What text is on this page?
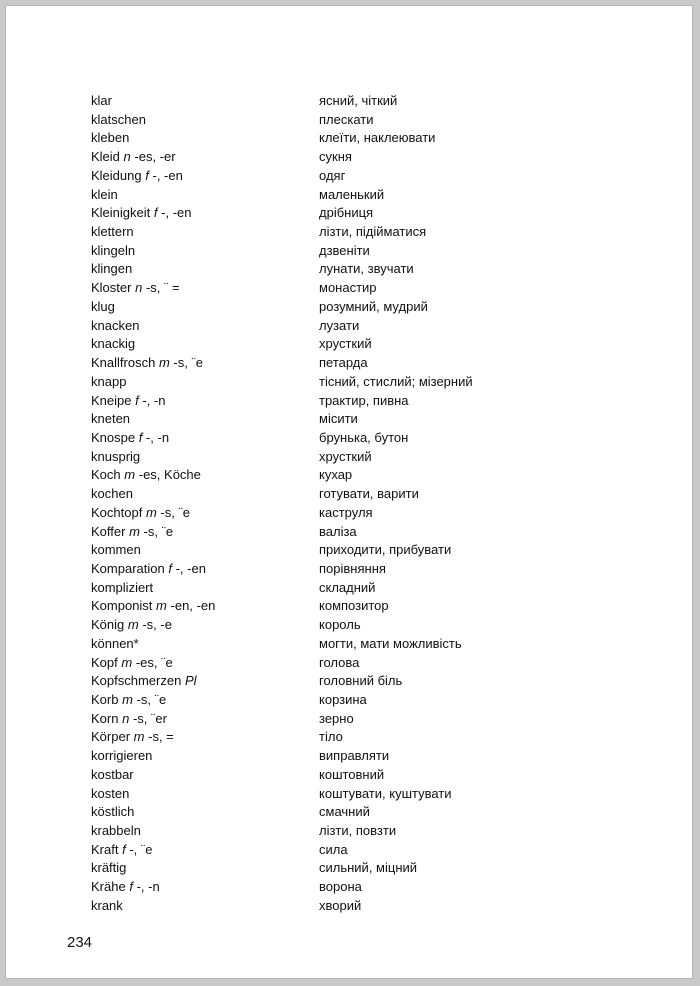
klar	ясний, чіткий
klatschen	плескати
kleben	клеїти, наклеювати
Kleid n -es, -er	сукня
Kleidung f -, -en	одяг
klein	маленький
Kleinigkeit f -, -en	дрібниця
klettern	лізти, підійматися
klingeln	дзвеніти
klingen	лунати, звучати
Kloster n -s, ¨ =	монастир
klug	розумний, мудрий
knacken	лузати
knackig	хрусткий
Knallfrosch m -s, ¨e	петарда
knapp	тісний, стислий; мізерний
Kneipe f -, -n	трактир, пивна
kneten	місити
Knospe f -, -n	брунька, бутон
knusprig	хрусткий
Koch m -es, Köche	кухар
kochen	готувати, варити
Kochtopf m -s, ¨e	каструля
Koffer m -s, ¨e	валіза
kommen	приходити, прибувати
Komparation f -, -en	порівняння
kompliziert	складний
Komponist m -en, -en	композитор
König m -s, -e	король
können*	могти, мати можливість
Kopf m -es, ¨e	голова
Kopfschmerzen Pl	головний біль
Korb m -s, ¨e	корзина
Korn n -s, ¨er	зерно
Körper m -s, =	тіло
korrigieren	виправляти
kostbar	коштовний
kosten	коштувати, куштувати
köstlich	смачний
krabbeln	лізти, повзти
Kraft f -, ¨e	сила
kräftig	сильний, міцний
Krähe f -, -n	ворона
krank	хворий
234
